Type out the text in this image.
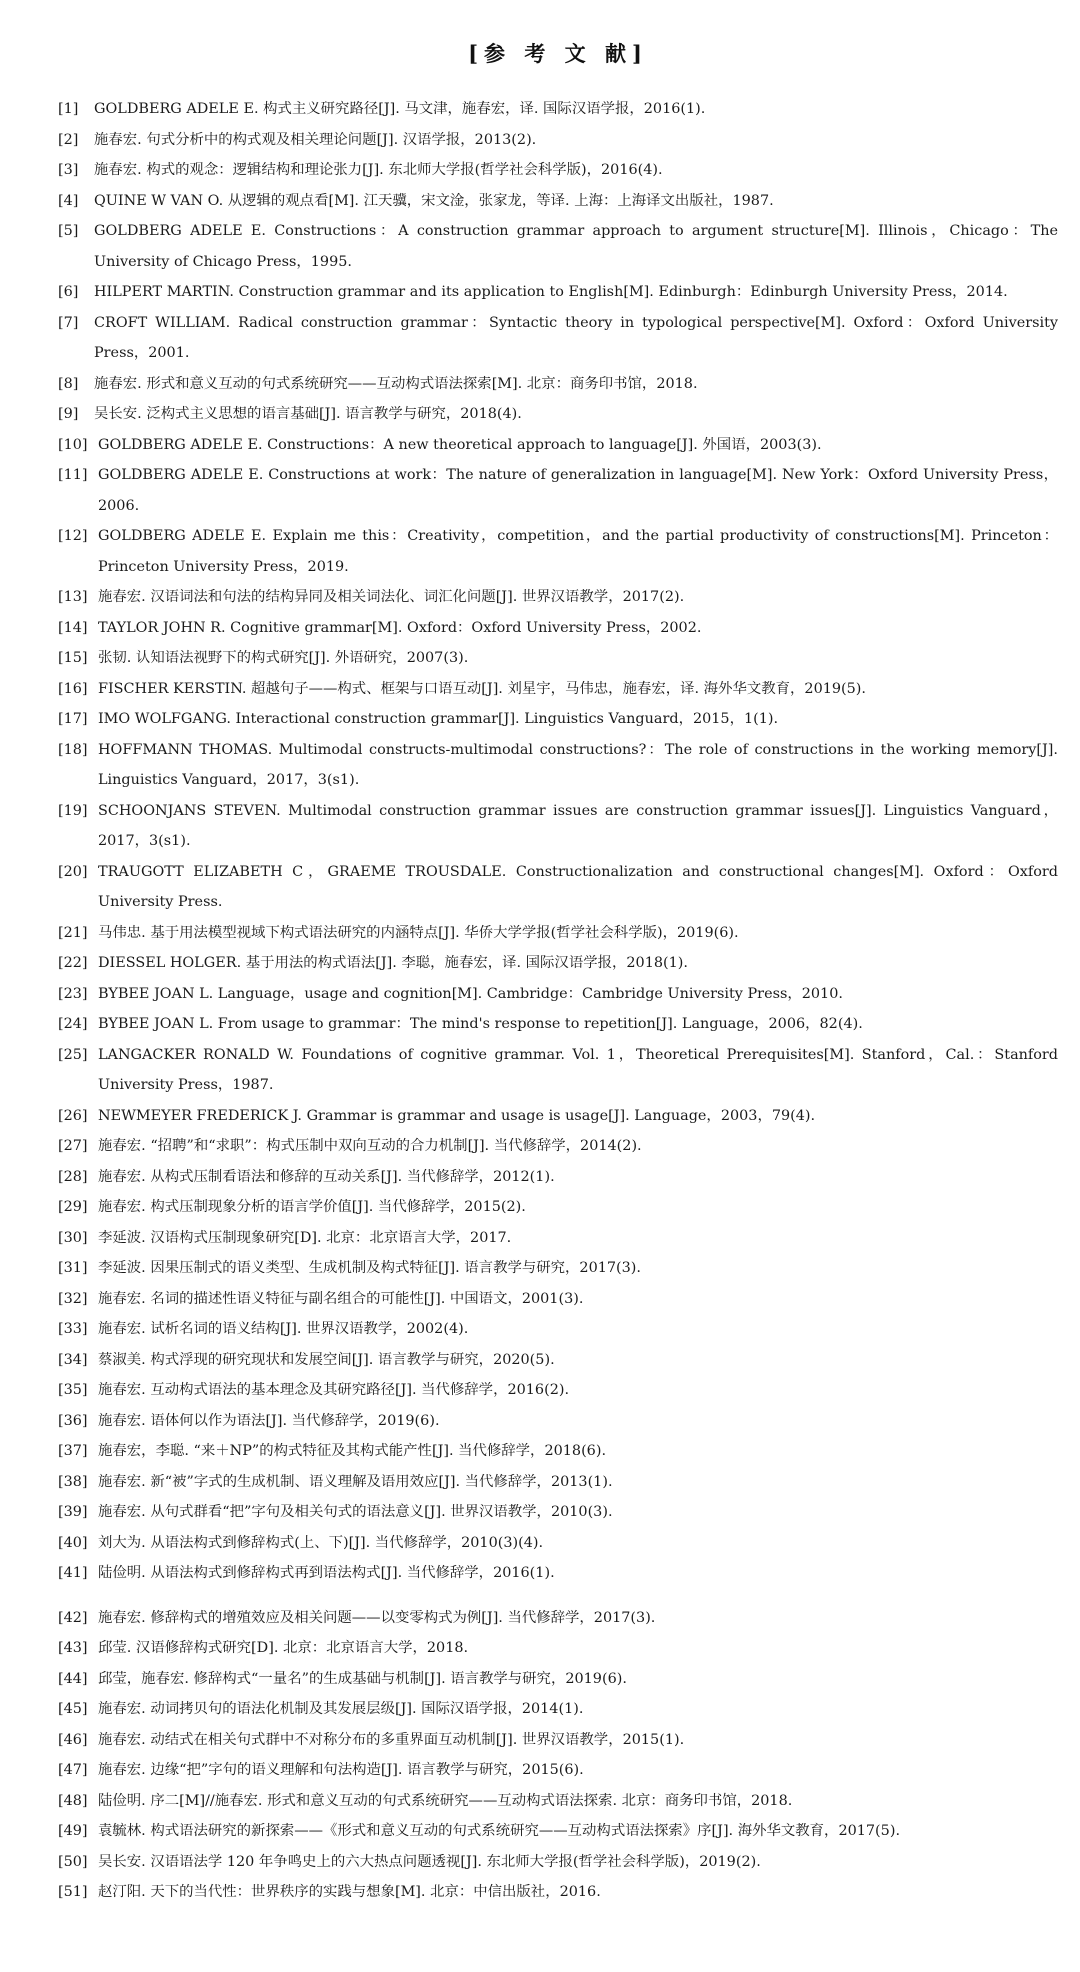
[参 考 文 献]
[1]	GOLDBERG ADELE E. 构式主义研究路径[J]. 马文津，施春宏，译. 国际汉语学报，2016(1).
[2]	施春宏. 句式分析中的构式观及相关理论问题[J]. 汉语学报，2013(2).
[3]	施春宏. 构式的观念：逻辑结构和理论张力[J]. 东北师大学报(哲学社会科学版)，2016(4).
[4]	QUINE W VAN O. 从逻辑的观点看[M]. 江天骥，宋文淦，张家龙，等译. 上海：上海译文出版社，1987.
[5]	GOLDBERG ADELE E. Constructions：A construction grammar approach to argument structure[M]. Illinois，Chicago：The University of Chicago Press，1995.
[6]	HILPERT MARTIN. Construction grammar and its application to English[M]. Edinburgh：Edinburgh University Press，2014.
[7]	CROFT WILLIAM. Radical construction grammar：Syntactic theory in typological perspective[M]. Oxford：Oxford University Press，2001.
[8]	施春宏. 形式和意义互动的句式系统研究——互动构式语法探索[M]. 北京：商务印书馆，2018.
[9]	吴长安. 泛构式主义思想的语言基础[J]. 语言教学与研究，2018(4).
[10] GOLDBERG ADELE E. Constructions：A new theoretical approach to language[J]. 外国语，2003(3).
[11] GOLDBERG ADELE E. Constructions at work：The nature of generalization in language[M]. New York：Oxford University Press，2006.
[12] GOLDBERG ADELE E. Explain me this：Creativity，competition，and the partial productivity of constructions[M]. Princeton：Princeton University Press，2019.
[13] 施春宏. 汉语词法和句法的结构异同及相关词法化、词汇化问题[J]. 世界汉语教学，2017(2).
[14] TAYLOR JOHN R. Cognitive grammar[M]. Oxford：Oxford University Press，2002.
[15] 张韧. 认知语法视野下的构式研究[J]. 外语研究，2007(3).
[16] FISCHER KERSTIN. 超越句子——构式、框架与口语互动[J]. 刘星宇，马伟忠，施春宏，译. 海外华文教育，2019(5).
[17] IMO WOLFGANG. Interactional construction grammar[J]. Linguistics Vanguard，2015，1(1).
[18] HOFFMANN THOMAS. Multimodal constructs-multimodal constructions?：The role of constructions in the working memory[J]. Linguistics Vanguard，2017，3(s1).
[19] SCHOONJANS STEVEN. Multimodal construction grammar issues are construction grammar issues[J]. Linguistics Vanguard，2017，3(s1).
[20] TRAUGOTT ELIZABETH C，GRAEME TROUSDALE. Constructionalization and constructional changes[M]. Oxford：Oxford University Press.
[21] 马伟忠. 基于用法模型视域下构式语法研究的内涵特点[J]. 华侨大学学报(哲学社会科学版)，2019(6).
[22] DIESSEL HOLGER. 基于用法的构式语法[J]. 李聪，施春宏，译. 国际汉语学报，2018(1).
[23] BYBEE JOAN L. Language，usage and cognition[M]. Cambridge：Cambridge University Press，2010.
[24] BYBEE JOAN L. From usage to grammar：The mind's response to repetition[J]. Language，2006，82(4).
[25] LANGACKER RONALD W. Foundations of cognitive grammar. Vol. 1，Theoretical Prerequisites[M]. Stanford，Cal.：Stanford University Press，1987.
[26] NEWMEYER FREDERICK J. Grammar is grammar and usage is usage[J]. Language，2003，79(4).
[27] 施春宏. “招聘”和“求职”：构式压制中双向互动的合力机制[J]. 当代修辞学，2014(2).
[28] 施春宏. 从构式压制看语法和修辞的互动关系[J]. 当代修辞学，2012(1).
[29] 施春宏. 构式压制现象分析的语言学价值[J]. 当代修辞学，2015(2).
[30] 李延波. 汉语构式压制现象研究[D]. 北京：北京语言大学，2017.
[31] 李延波. 因果压制式的语义类型、生成机制及构式特征[J]. 语言教学与研究，2017(3).
[32] 施春宏. 名词的描述性语义特征与副名组合的可能性[J]. 中国语文，2001(3).
[33] 施春宏. 试析名词的语义结构[J]. 世界汉语教学，2002(4).
[34] 蔡淑美. 构式浮现的研究现状和发展空间[J]. 语言教学与研究，2020(5).
[35] 施春宏. 互动构式语法的基本理念及其研究路径[J]. 当代修辞学，2016(2).
[36] 施春宏. 语体何以作为语法[J]. 当代修辞学，2019(6).
[37] 施春宏，李聪. “来＋NP”的构式特征及其构式能产性[J]. 当代修辞学，2018(6).
[38] 施春宏. 新“被”字式的生成机制、语义理解及语用效应[J]. 当代修辞学，2013(1).
[39] 施春宏. 从句式群看“把”字句及相关句式的语法意义[J]. 世界汉语教学，2010(3).
[40] 刘大为. 从语法构式到修辞构式(上、下)[J]. 当代修辞学，2010(3)(4).
[41] 陆俭明. 从语法构式到修辞构式再到语法构式[J]. 当代修辞学，2016(1).
[42] 施春宏. 修辞构式的增殖效应及相关问题——以变零构式为例[J]. 当代修辞学，2017(3).
[43] 邱莹. 汉语修辞构式研究[D]. 北京：北京语言大学，2018.
[44] 邱莹，施春宏. 修辞构式“一量名”的生成基础与机制[J]. 语言教学与研究，2019(6).
[45] 施春宏. 动词拷贝句的语法化机制及其发展层级[J]. 国际汉语学报，2014(1).
[46] 施春宏. 动结式在相关句式群中不对称分布的多重界面互动机制[J]. 世界汉语教学，2015(1).
[47] 施春宏. 边缘“把”字句的语义理解和句法构造[J]. 语言教学与研究，2015(6).
[48] 陆俭明. 序二[M]//施春宏. 形式和意义互动的句式系统研究——互动构式语法探索. 北京：商务印书馆，2018.
[49] 袁毓林. 构式语法研究的新探索——《形式和意义互动的句式系统研究——互动构式语法探索》序[J]. 海外华文教育，2017(5).
[50] 吴长安. 汉语语法学 120 年争鸣史上的六大热点问题透视[J]. 东北师大学报(哲学社会科学版)，2019(2).
[51] 赵汀阳. 天下的当代性：世界秩序的实践与想象[M]. 北京：中信出版社，2016.
